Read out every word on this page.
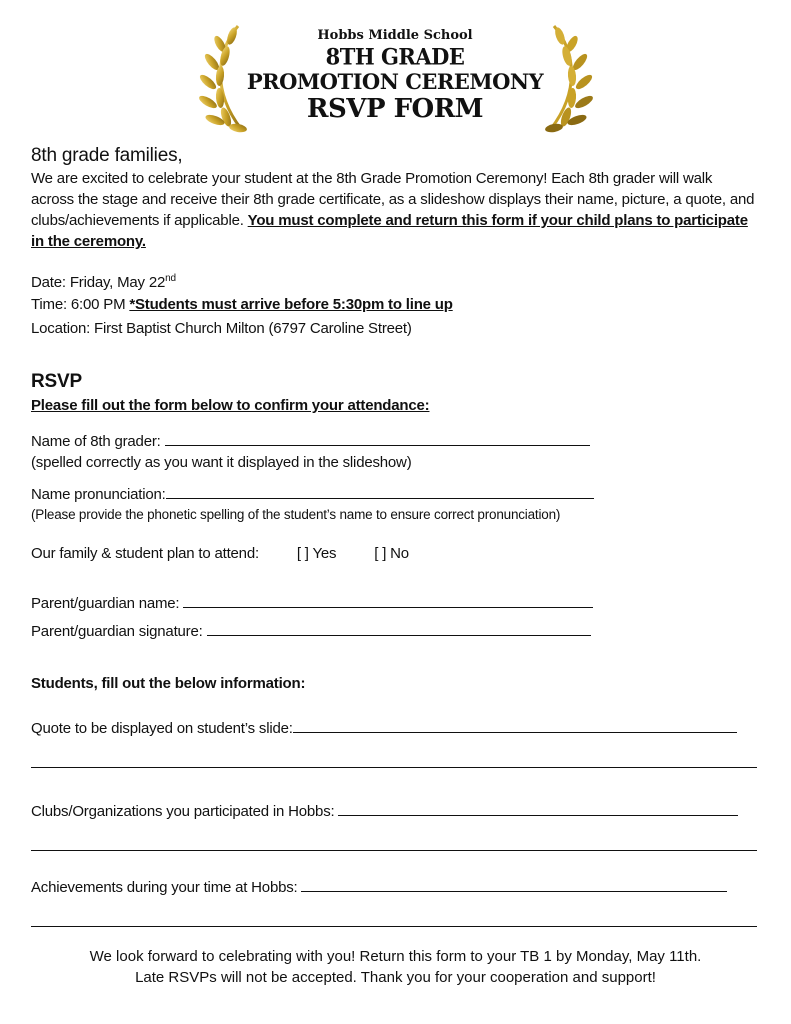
Hobbs Middle School
8TH GRADE
PROMOTION CEREMONY
RSVP FORM
8th grade families,
We are excited to celebrate your student at the 8th Grade Promotion Ceremony! Each 8th grader will walk across the stage and receive their 8th grade certificate, as a slideshow displays their name, picture, a quote, and clubs/achievements if applicable. You must complete and return this form if your child plans to participate in the ceremony.
Date: Friday, May 22nd
Time: 6:00 PM *Students must arrive before 5:30pm to line up
Location: First Baptist Church Milton (6797 Caroline Street)
RSVP
Please fill out the form below to confirm your attendance:
Name of 8th grader:
(spelled correctly as you want it displayed in the slideshow)
Name pronunciation:
(Please provide the phonetic spelling of the student’s name to ensure correct pronunciation)
Our family & student plan to attend:	[ ] Yes	[ ] No
Parent/guardian name:
Parent/guardian signature:
Students, fill out the below information:
Quote to be displayed on student’s slide:
Clubs/Organizations you participated in Hobbs:
Achievements during your time at Hobbs:
We look forward to celebrating with you! Return this form to your TB 1 by Monday, May 11th.
Late RSVPs will not be accepted. Thank you for your cooperation and support!
